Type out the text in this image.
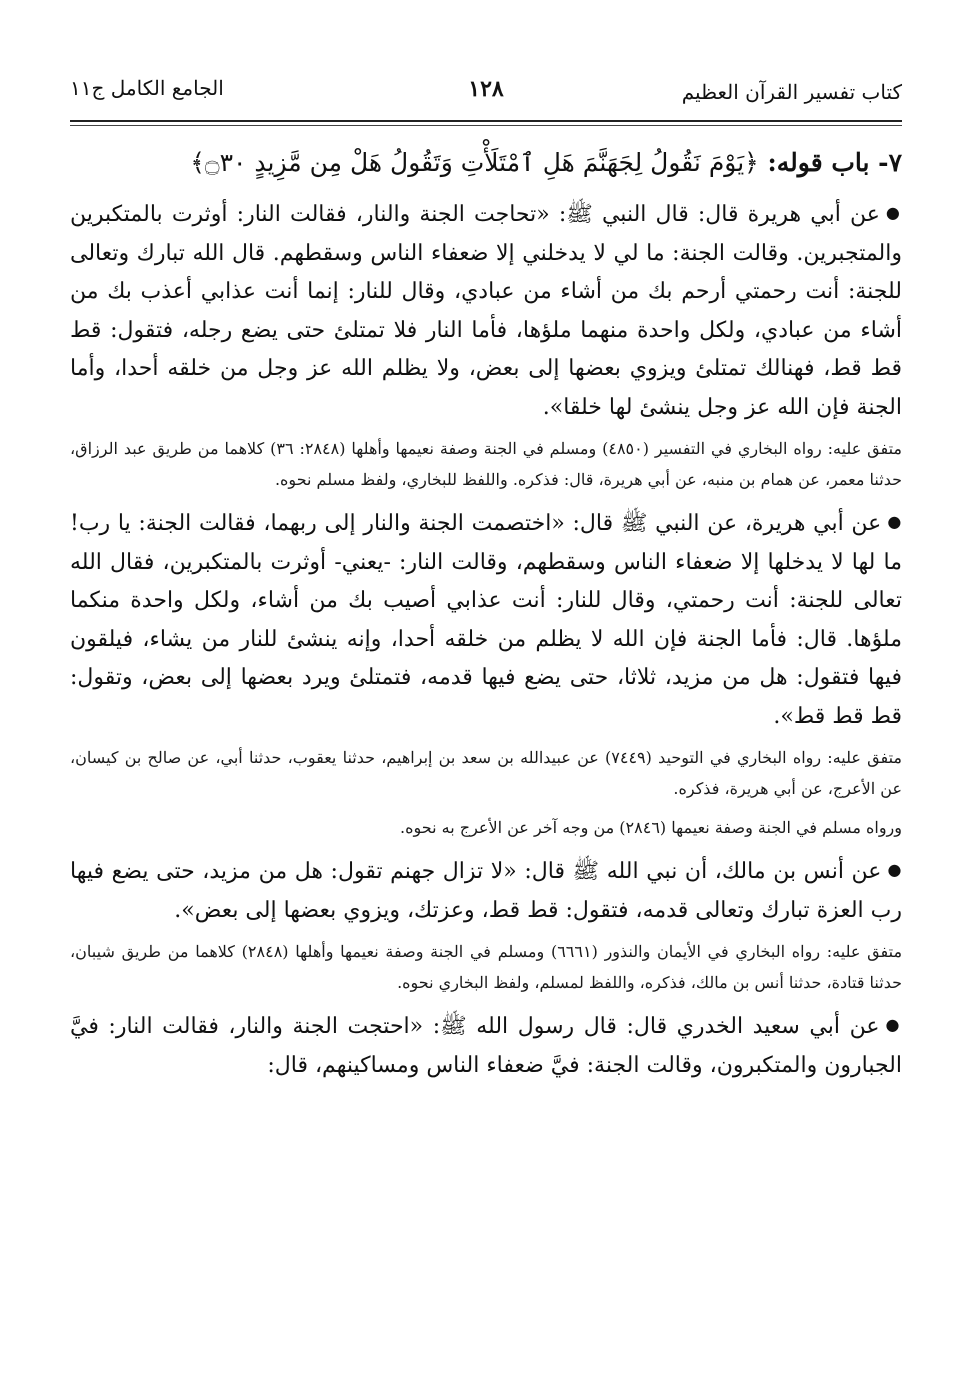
كتاب تفسير القرآن العظيم
١٢٨
الجامع الكامل ج١١

٧- باب قوله: ﴿يَوْمَ نَقُولُ لِجَهَنَّمَ هَلِ ٱمْتَلَأْتِ وَتَقُولُ هَلْ مِن مَّزِيدٍ ۝٣٠﴾

●عن أبي هريرة قال: قال النبي ﷺ: «تحاجت الجنة والنار، فقالت النار: أوثرت بالمتكبرين والمتجبرين. وقالت الجنة: ما لي لا يدخلني إلا ضعفاء الناس وسقطهم. قال الله تبارك وتعالى للجنة: أنت رحمتي أرحم بك من أشاء من عبادي، وقال للنار: إنما أنت عذابي أعذب بك من أشاء من عبادي، ولكل واحدة منهما ملؤها، فأما النار فلا تمتلئ حتى يضع رجله، فتقول: قط قط قط، فهنالك تمتلئ ويزوي بعضها إلى بعض، ولا يظلم الله عز وجل من خلقه أحدا، وأما الجنة فإن الله عز وجل ينشئ لها خلقا».

متفق عليه: رواه البخاري في التفسير (٤٨٥٠) ومسلم في الجنة وصفة نعيمها وأهلها (٢٨٤٨: ٣٦) كلاهما من طريق عبد الرزاق، حدثنا معمر، عن همام بن منبه، عن أبي هريرة، قال: فذكره. واللفظ للبخاري، ولفظ مسلم نحوه.

●عن أبي هريرة، عن النبي ﷺ قال: «اختصمت الجنة والنار إلى ربهما، فقالت الجنة: يا رب! ما لها لا يدخلها إلا ضعفاء الناس وسقطهم، وقالت النار: -يعني- أوثرت بالمتكبرين، فقال الله تعالى للجنة: أنت رحمتي، وقال للنار: أنت عذابي أصيب بك من أشاء، ولكل واحدة منكما ملؤها. قال: فأما الجنة فإن الله لا يظلم من خلقه أحدا، وإنه ينشئ للنار من يشاء، فيلقون فيها فتقول: هل من مزيد، ثلاثا، حتى يضع فيها قدمه، فتمتلئ ويرد بعضها إلى بعض، وتقول: قط قط قط».

متفق عليه: رواه البخاري في التوحيد (٧٤٤٩) عن عبيدالله بن سعد بن إبراهيم، حدثنا يعقوب، حدثنا أبي، عن صالح بن كيسان، عن الأعرج، عن أبي هريرة، فذكره.

ورواه مسلم في الجنة وصفة نعيمها (٢٨٤٦) من وجه آخر عن الأعرج به نحوه.

●عن أنس بن مالك، أن نبي الله ﷺ قال: «لا تزال جهنم تقول: هل من مزيد، حتى يضع فيها رب العزة تبارك وتعالى قدمه، فتقول: قط قط، وعزتك، ويزوي بعضها إلى بعض».

متفق عليه: رواه البخاري في الأيمان والنذور (٦٦٦١) ومسلم في الجنة وصفة نعيمها وأهلها (٢٨٤٨) كلاهما من طريق شيبان، حدثنا قتادة، حدثنا أنس بن مالك، فذكره، واللفظ لمسلم، ولفظ البخاري نحوه.

●عن أبي سعيد الخدري قال: قال رسول الله ﷺ: «احتجت الجنة والنار، فقالت النار: فيَّ الجبارون والمتكبرون، وقالت الجنة: فيَّ ضعفاء الناس ومساكينهم، قال:
